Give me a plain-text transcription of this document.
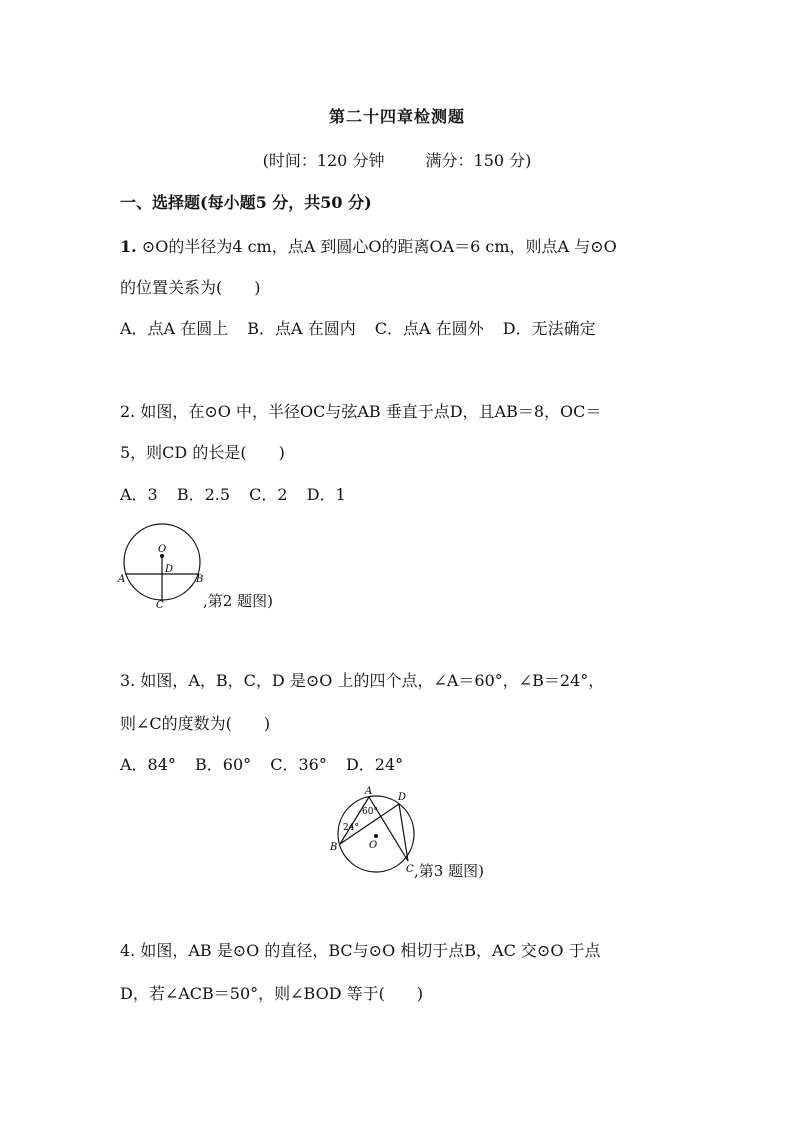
第二十四章检测题
(时间：120 分钟	满分：150 分)
一、选择题(每小题5 分，共50 分)
1. ⊙O的半径为4 cm，点A 到圆心O的距离OA＝6 cm，则点A 与⊙O
的位置关系为(　　)
A．点A 在圆上 B．点A 在圆内 C．点A 在圆外 D．无法确定
2. 如图，在⊙O 中，半径OC与弦AB 垂直于点D，且AB＝8，OC＝
5，则CD 的长是(　　)
A．3 B．2.5 C．2 D．1
O
D
A	B
C	,第2 题图)
3. 如图，A，B，C，D 是⊙O 上的四个点，∠A＝60°，∠B＝24°，
则∠C的度数为(　　)
A．84° B．60° C．36° D．24°
A
D
B
C
O
60°
24°
,第3 题图)
4. 如图，AB 是⊙O 的直径，BC与⊙O 相切于点B，AC 交⊙O 于点
D，若∠ACB＝50°，则∠BOD 等于(　　)
